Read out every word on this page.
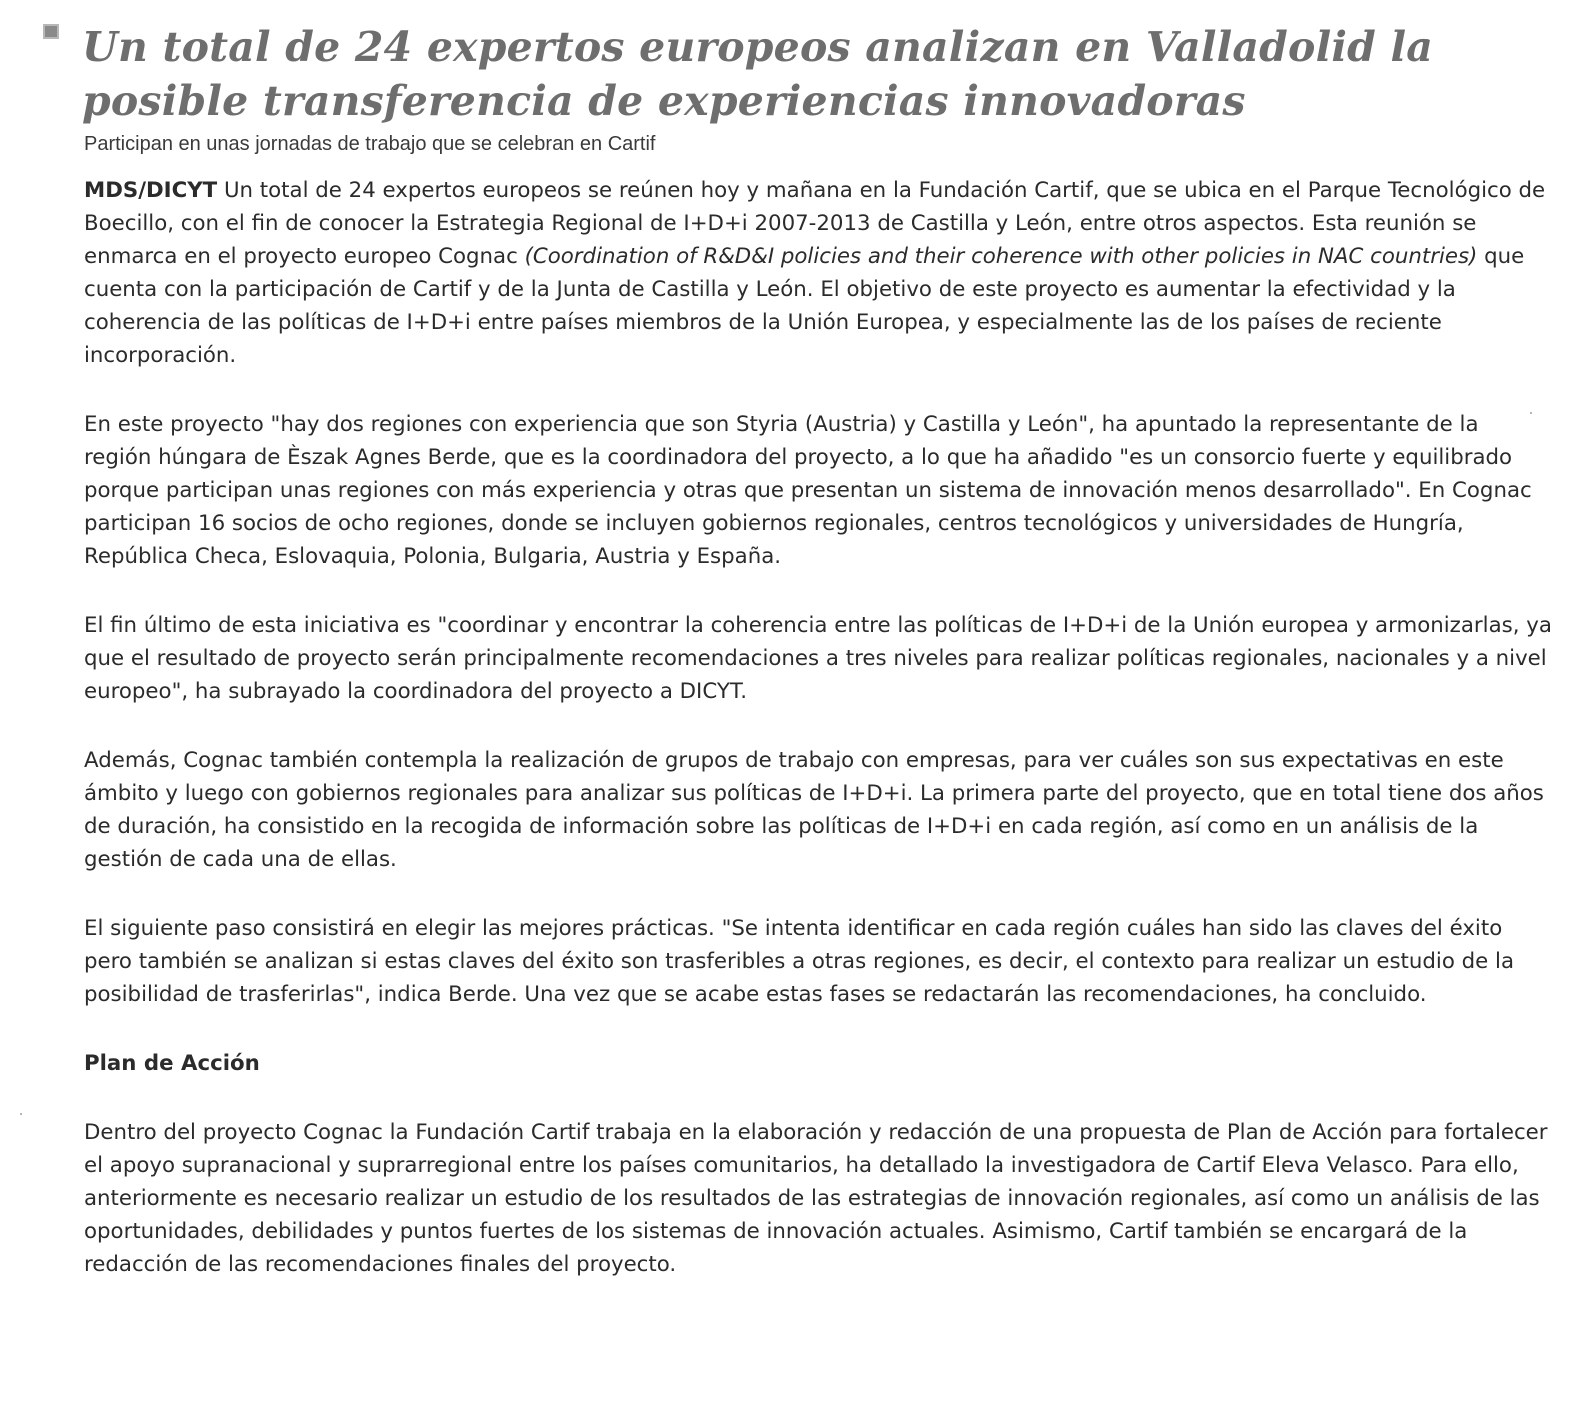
Un total de 24 expertos europeos analizan en Valladolid la posible transferencia de experiencias innovadoras
Participan en unas jornadas de trabajo que se celebran en Cartif

MDS/DICYT Un total de 24 expertos europeos se reúnen hoy y mañana en la Fundación Cartif, que se ubica en el Parque Tecnológico de Boecillo, con el fin de conocer la Estrategia Regional de I+D+i 2007-2013 de Castilla y León, entre otros aspectos. Esta reunión se enmarca en el proyecto europeo Cognac (Coordination of R&D&I policies and their coherence with other policies in NAC countries) que cuenta con la participación de Cartif y de la Junta de Castilla y León. El objetivo de este proyecto es aumentar la efectividad y la coherencia de las políticas de I+D+i entre países miembros de la Unión Europea, y especialmente las de los países de reciente incorporación.

En este proyecto "hay dos regiones con experiencia que son Styria (Austria) y Castilla y León", ha apuntado la representante de la región húngara de Èszak Agnes Berde, que es la coordinadora del proyecto, a lo que ha añadido "es un consorcio fuerte y equilibrado porque participan unas regiones con más experiencia y otras que presentan un sistema de innovación menos desarrollado". En Cognac participan 16 socios de ocho regiones, donde se incluyen gobiernos regionales, centros tecnológicos y universidades de Hungría, República Checa, Eslovaquia, Polonia, Bulgaria, Austria y España.

El fin último de esta iniciativa es "coordinar y encontrar la coherencia entre las políticas de I+D+i de la Unión europea y armonizarlas, ya que el resultado de proyecto serán principalmente recomendaciones a tres niveles para realizar políticas regionales, nacionales y a nivel europeo", ha subrayado la coordinadora del proyecto a DICYT.

Además, Cognac también contempla la realización de grupos de trabajo con empresas, para ver cuáles son sus expectativas en este ámbito y luego con gobiernos regionales para analizar sus políticas de I+D+i. La primera parte del proyecto, que en total tiene dos años de duración, ha consistido en la recogida de información sobre las políticas de I+D+i en cada región, así como en un análisis de la gestión de cada una de ellas.

El siguiente paso consistirá en elegir las mejores prácticas. "Se intenta identificar en cada región cuáles han sido las claves del éxito pero también se analizan si estas claves del éxito son trasferibles a otras regiones, es decir, el contexto para realizar un estudio de la posibilidad de trasferirlas", indica Berde. Una vez que se acabe estas fases se redactarán las recomendaciones, ha concluido.

Plan de Acción

Dentro del proyecto Cognac la Fundación Cartif trabaja en la elaboración y redacción de una propuesta de Plan de Acción para fortalecer el apoyo supranacional y suprarregional entre los países comunitarios, ha detallado la investigadora de Cartif Eleva Velasco. Para ello, anteriormente es necesario realizar un estudio de los resultados de las estrategias de innovación regionales, así como un análisis de las oportunidades, debilidades y puntos fuertes de los sistemas de innovación actuales. Asimismo, Cartif también se encargará de la redacción de las recomendaciones finales del proyecto.
